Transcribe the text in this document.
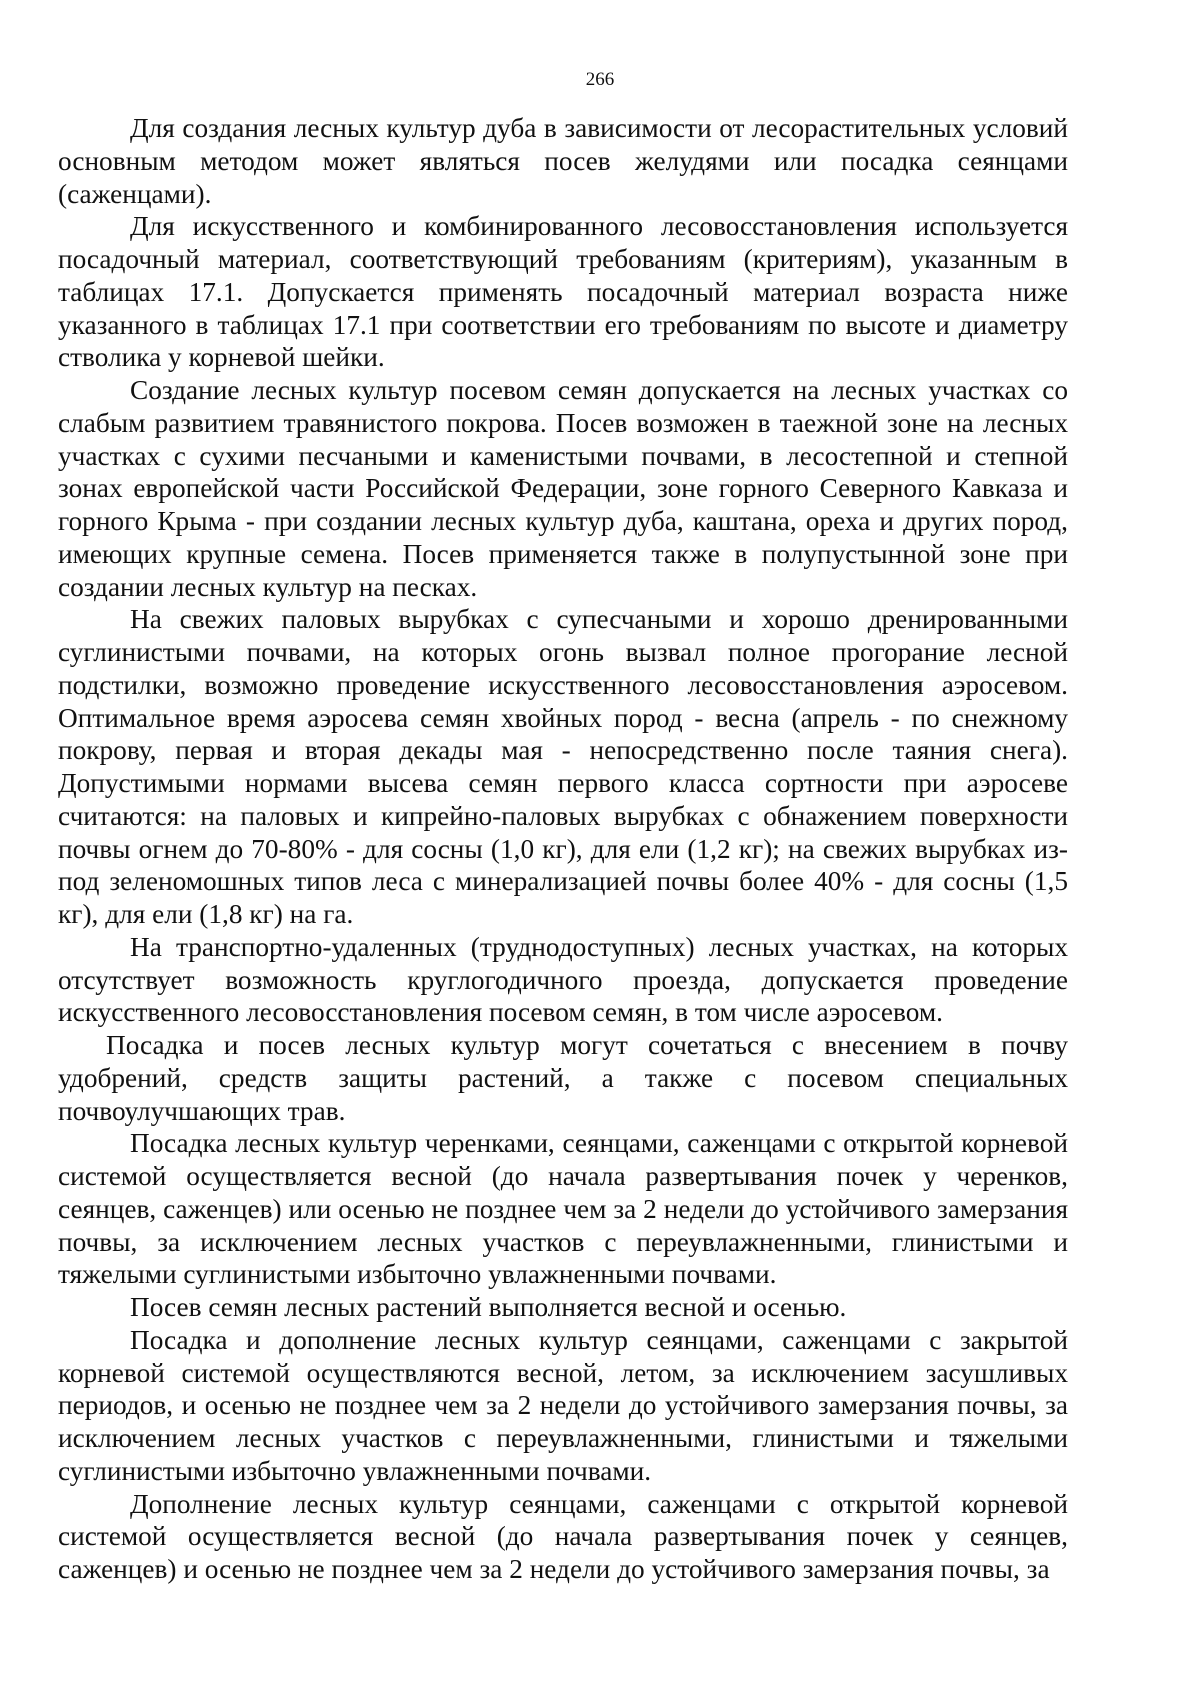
266

Для создания лесных культур дуба в зависимости от лесорастительных условий основным методом может являться посев желудями или посадка сеянцами (саженцами).

Для искусственного и комбинированного лесовосстановления используется посадочный материал, соответствующий требованиям (критериям), указанным в таблицах 17.1. Допускается применять посадочный материал возраста ниже указанного в таблицах 17.1 при соответствии его требованиям по высоте и диаметру стволика у корневой шейки.

Создание лесных культур посевом семян допускается на лесных участках со слабым развитием травянистого покрова. Посев возможен в таежной зоне на лесных участках с сухими песчаными и каменистыми почвами, в лесостепной и степной зонах европейской части Российской Федерации, зоне горного Северного Кавказа и горного Крыма - при создании лесных культур дуба, каштана, ореха и других пород, имеющих крупные семена. Посев применяется также в полупустынной зоне при создании лесных культур на песках.

На свежих паловых вырубках с супесчаными и хорошо дренированными суглинистыми почвами, на которых огонь вызвал полное прогорание лесной подстилки, возможно проведение искусственного лесовосстановления аэросевом. Оптимальное время аэросева семян хвойных пород - весна (апрель - по снежному покрову, первая и вторая декады мая - непосредственно после таяния снега). Допустимыми нормами высева семян первого класса сортности при аэросеве считаются: на паловых и кипрейно-паловых вырубках с обнажением поверхности почвы огнем до 70-80% - для сосны (1,0 кг), для ели (1,2 кг); на свежих вырубках из-под зеленомошных типов леса с минерализацией почвы более 40% - для сосны (1,5 кг), для ели (1,8 кг) на га.

На транспортно-удаленных (труднодоступных) лесных участках, на которых отсутствует возможность круглогодичного проезда, допускается проведение искусственного лесовосстановления посевом семян, в том числе аэросевом.

Посадка и посев лесных культур могут сочетаться с внесением в почву удобрений, средств защиты растений, а также с посевом специальных почвоулучшающих трав.

Посадка лесных культур черенками, сеянцами, саженцами с открытой корневой системой осуществляется весной (до начала развертывания почек у черенков, сеянцев, саженцев) или осенью не позднее чем за 2 недели до устойчивого замерзания почвы, за исключением лесных участков с переувлажненными, глинистыми и тяжелыми суглинистыми избыточно увлажненными почвами.

Посев семян лесных растений выполняется весной и осенью.

Посадка и дополнение лесных культур сеянцами, саженцами с закрытой корневой системой осуществляются весной, летом, за исключением засушливых периодов, и осенью не позднее чем за 2 недели до устойчивого замерзания почвы, за исключением лесных участков с переувлажненными, глинистыми и тяжелыми суглинистыми избыточно увлажненными почвами.

Дополнение лесных культур сеянцами, саженцами с открытой корневой системой осуществляется весной (до начала развертывания почек у сеянцев, саженцев) и осенью не позднее чем за 2 недели до устойчивого замерзания почвы, за
